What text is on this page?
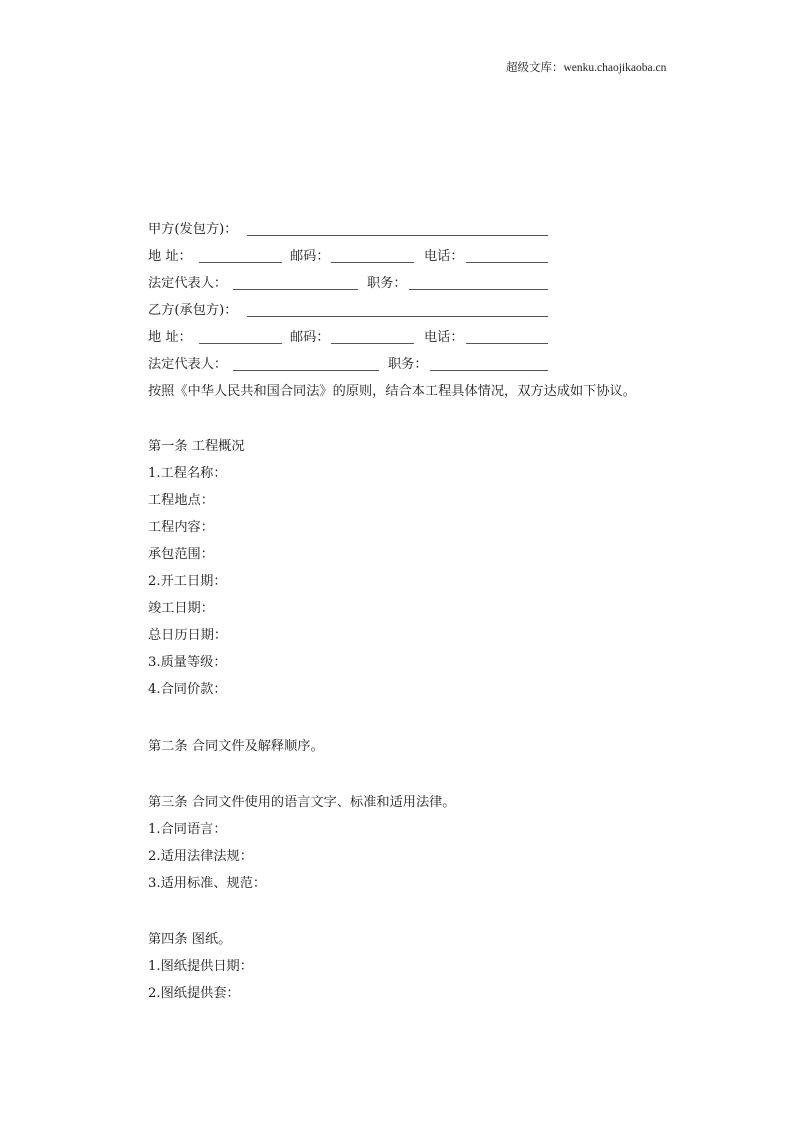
超级文库：wenku.chaojikaoba.cn
甲方(发包方)：
地 址：	邮码：	电话：
法定代表人：	职务：
乙方(承包方)：
地 址：	邮码：	电话：
法定代表人：	职务：
按照《中华人民共和国合同法》的原则，结合本工程具体情况，双方达成如下协议。
第一条 工程概况
1.工程名称：
工程地点：
工程内容：
承包范围：
2.开工日期：
竣工日期：
总日历日期：
3.质量等级：
4.合同价款：
第二条 合同文件及解释顺序。
第三条 合同文件使用的语言文字、标准和适用法律。
1.合同语言：
2.适用法律法规：
3.适用标准、规范：
第四条 图纸。
1.图纸提供日期：
2.图纸提供套：
